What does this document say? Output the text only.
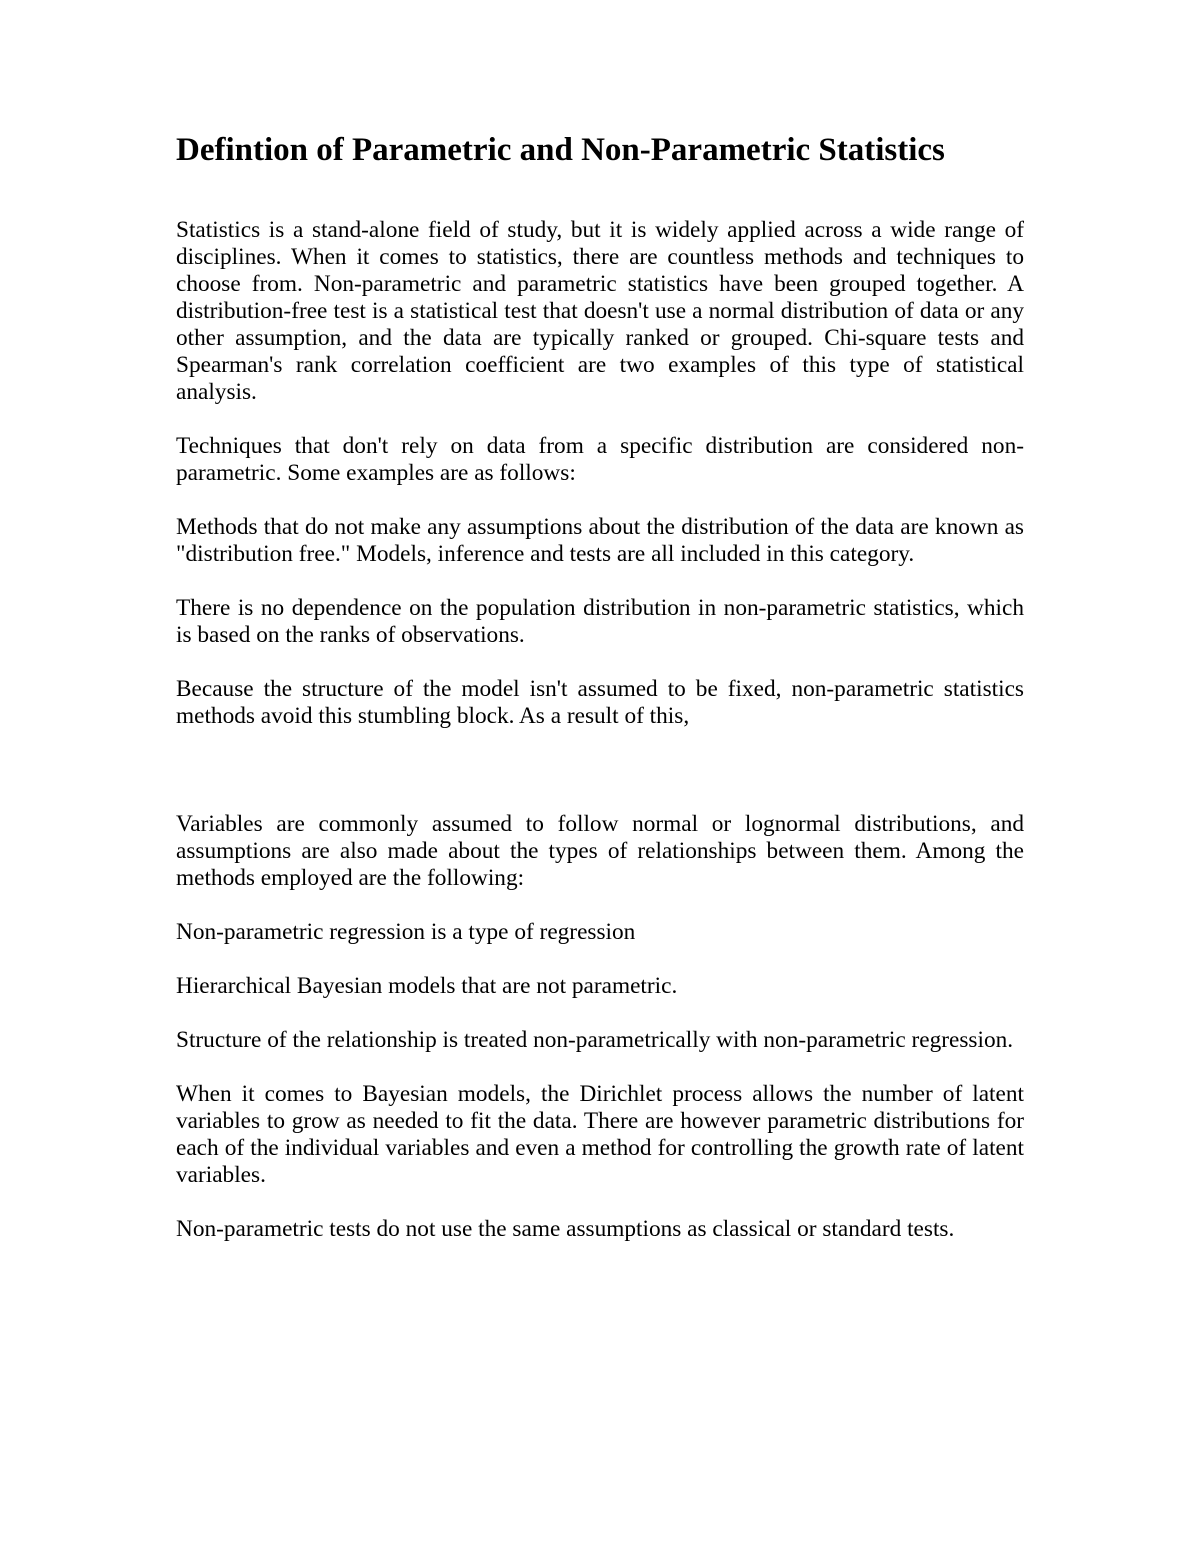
Defintion of Parametric and Non-Parametric Statistics

Statistics is a stand-alone field of study, but it is widely applied across a wide range of disciplines. When it comes to statistics, there are countless methods and techniques to choose from. Non-parametric and parametric statistics have been grouped together. A distribution-free test is a statistical test that doesn't use a normal distribution of data or any other assumption, and the data are typically ranked or grouped. Chi-square tests and Spearman's rank correlation coefficient are two examples of this type of statistical analysis.

Techniques that don't rely on data from a specific distribution are considered non-parametric. Some examples are as follows:

Methods that do not make any assumptions about the distribution of the data are known as "distribution free." Models, inference and tests are all included in this category.

There is no dependence on the population distribution in non-parametric statistics, which is based on the ranks of observations.

Because the structure of the model isn't assumed to be fixed, non-parametric statistics methods avoid this stumbling block. As a result of this,

Variables are commonly assumed to follow normal or lognormal distributions, and assumptions are also made about the types of relationships between them. Among the methods employed are the following:

Non-parametric regression is a type of regression

Hierarchical Bayesian models that are not parametric.

Structure of the relationship is treated non-parametrically with non-parametric regression.

When it comes to Bayesian models, the Dirichlet process allows the number of latent variables to grow as needed to fit the data. There are however parametric distributions for each of the individual variables and even a method for controlling the growth rate of latent variables.

Non-parametric tests do not use the same assumptions as classical or standard tests.
